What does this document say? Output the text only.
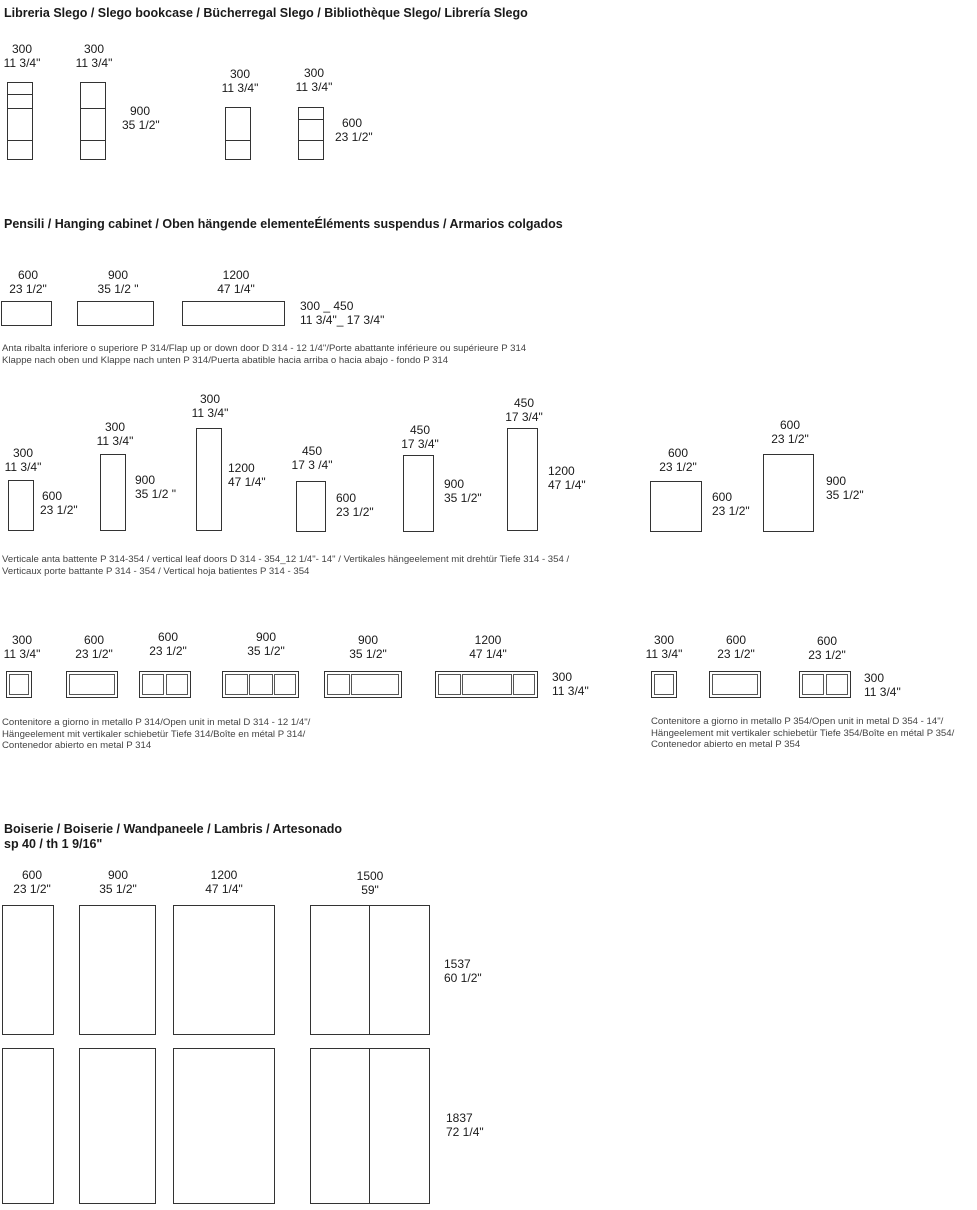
Libreria Slego / Slego bookcase / Bücherregal Slego / Bibliothèque Slego/ Librería Slego
300
11 3/4"
300
11 3/4"
900
35 1/2"
300
11 3/4"
300
11 3/4"
600
23 1/2"
Pensili / Hanging cabinet / Oben hängende elementeÉléments suspendus / Armarios colgados
600
23 1/2"
900
35 1/2 "
1200
47 1/4"
300 _ 450
11 3/4"_ 17 3/4"
Anta ribalta inferiore o superiore P 314/Flap up or down door D 314 - 12 1/4"/Porte abattante inférieure ou supérieure P 314
Klappe nach oben und Klappe nach unten P 314/Puerta abatible hacia arriba o hacia abajo - fondo P 314
300
11 3/4"
600
23 1/2"
300
11 3/4"
900
35 1/2 "
300
11 3/4"
1200
47 1/4"
450
17 3 /4"
600
23 1/2"
450
17 3/4"
900
35 1/2"
450
17 3/4"
1200
47 1/4"
600
23 1/2"
600
23 1/2"
600
23 1/2"
900
35 1/2"
Verticale anta battente P 314-354 / vertical leaf doors D 314 - 354_12 1/4"- 14" / Vertikales hängeelement mit drehtür Tiefe 314 - 354 /
Verticaux porte battante P 314 - 354 / Vertical hoja batientes P 314 - 354
300
11 3/4"
600
23 1/2"
600
23 1/2"
900
35 1/2"
900
35 1/2"
1200
47 1/4"
300
11 3/4"
Contenitore a giorno in metallo P 314/Open unit in metal D 314 - 12 1/4"/
Hängeelement mit vertikaler schiebetür Tiefe 314/Boîte en métal P 314/
Contenedor abierto en metal P 314
300
11 3/4"
600
23 1/2"
600
23 1/2"
300
11 3/4"
Contenitore a giorno in metallo P 354/Open unit in metal D 354 - 14"/
Hängeelement mit vertikaler schiebetür Tiefe 354/Boîte en métal P 354/
Contenedor abierto en metal P 354
Boiserie / Boiserie / Wandpaneele / Lambris / Artesonado
sp 40 / th 1 9/16"
600
23 1/2"
900
35 1/2"
1200
47 1/4"
1500
59"
1537
60 1/2"
1837
72 1/4"
